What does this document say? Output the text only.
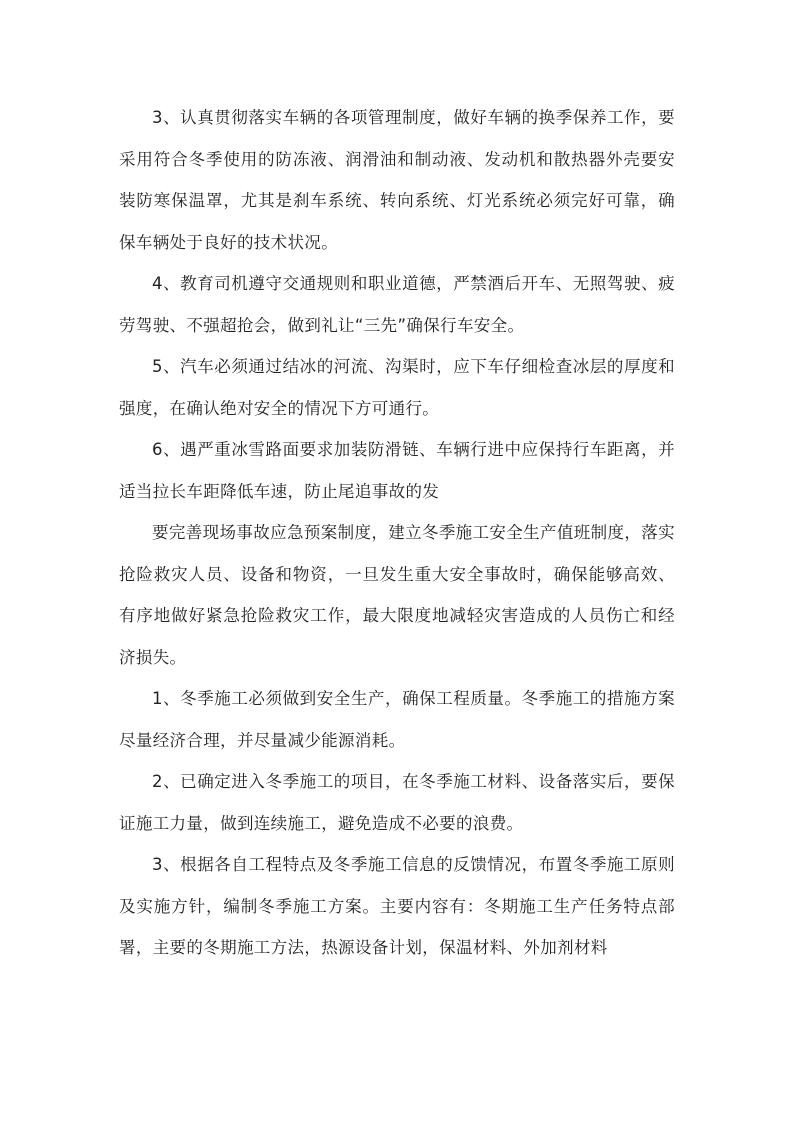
3、认真贯彻落实车辆的各项管理制度，做好车辆的换季保养工作，要采用符合冬季使用的防冻液、润滑油和制动液、发动机和散热器外壳要安装防寒保温罩，尤其是刹车系统、转向系统、灯光系统必须完好可靠，确保车辆处于良好的技术状况。

4、教育司机遵守交通规则和职业道德，严禁酒后开车、无照驾驶、疲劳驾驶、不强超抢会，做到礼让“三先”确保行车安全。

5、汽车必须通过结冰的河流、沟渠时，应下车仔细检查冰层的厚度和强度，在确认绝对安全的情况下方可通行。

6、遇严重冰雪路面要求加装防滑链、车辆行进中应保持行车距离，并适当拉长车距降低车速，防止尾追事故的发

要完善现场事故应急预案制度，建立冬季施工安全生产值班制度，落实抢险救灾人员、设备和物资，一旦发生重大安全事故时，确保能够高效、有序地做好紧急抢险救灾工作，最大限度地减轻灾害造成的人员伤亡和经济损失。

1、冬季施工必须做到安全生产，确保工程质量。冬季施工的措施方案尽量经济合理，并尽量减少能源消耗。

2、已确定进入冬季施工的项目，在冬季施工材料、设备落实后，要保证施工力量，做到连续施工，避免造成不必要的浪费。

3、根据各自工程特点及冬季施工信息的反馈情况，布置冬季施工原则及实施方针，编制冬季施工方案。主要内容有：冬期施工生产任务特点部署，主要的冬期施工方法，热源设备计划，保温材料、外加剂材料
